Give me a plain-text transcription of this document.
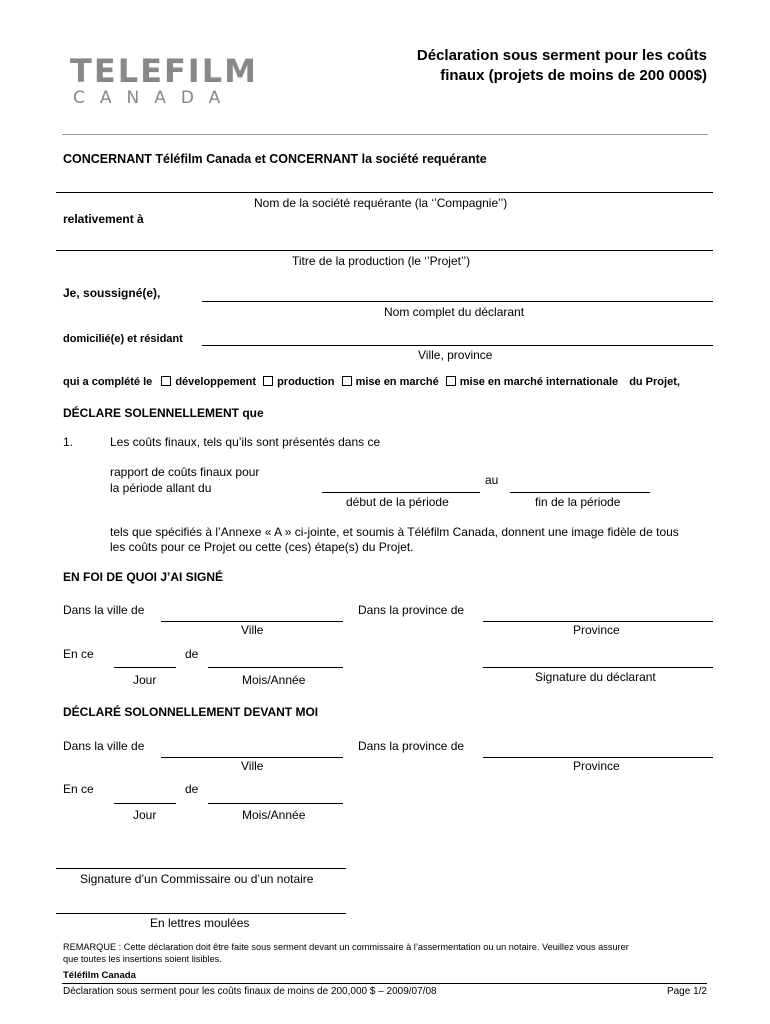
TELEFILM
CANADA
Déclaration sous serment pour les coûts
finaux (projets de moins de 200 000$)
CONCERNANT Téléfilm Canada et CONCERNANT la société requérante
Nom de la société requérante (la ‘’Compagnie’’)
relativement à
Titre de la production (le ‘’Projet’’)
Je, soussigné(e),
Nom complet du déclarant
domicilié(e) et résidant
Ville, province
qui a complété le développement production mise en marché mise en marché internationale du Projet,
DÉCLARE SOLENNELLEMENT que
1.	Les coûts finaux, tels qu’ils sont présentés dans ce
rapport de coûts finaux pour
la période allant du
au
début de la période	fin de la période
tels que spécifiés à l’Annexe « A » ci-jointe, et soumis à Téléfilm Canada, donnent une image fidèle de tous
les coûts pour ce Projet ou cette (ces) étape(s) du Projet.
EN FOI DE QUOI J’AI SIGNÉ
Dans la ville de
Ville
Dans la province de
Province
En ce	de
Jour	Mois/Année	Signature du déclarant
DÉCLARÉ SOLONNELLEMENT DEVANT MOI
Dans la ville de
Ville
Dans la province de
Province
En ce	de
Jour	Mois/Année
Signature d’un Commissaire ou d’un notaire
En lettres moulées
REMARQUE : Cette déclaration doit être faite sous serment devant un commissaire à l’assermentation ou un notaire. Veuillez vous assurer
que toutes les insertions soient lisibles.
Téléfilm Canada
Déclaration sous serment pour les coûts finaux de moins de 200,000 $ – 2009/07/08	Page 1/2
